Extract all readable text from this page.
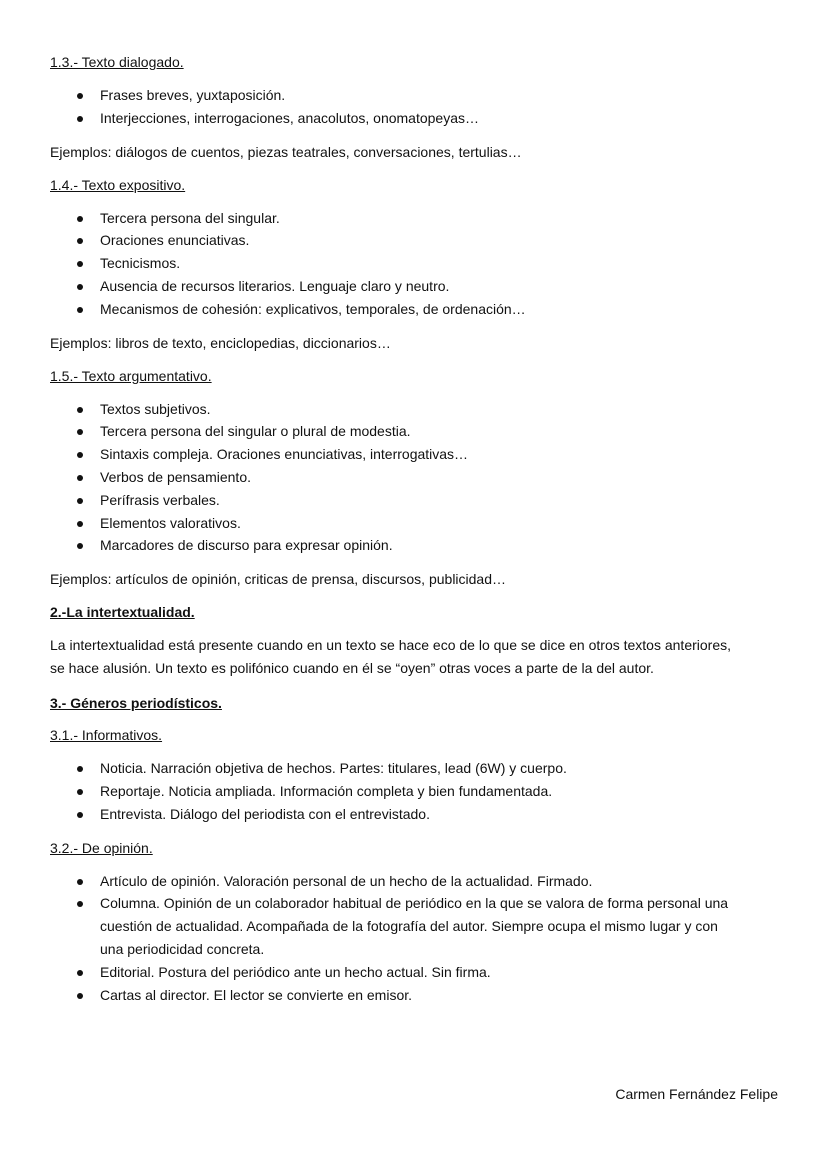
1.3.- Texto dialogado.
Frases breves, yuxtaposición.
Interjecciones, interrogaciones, anacolutos, onomatopeyas…
Ejemplos: diálogos de cuentos, piezas teatrales, conversaciones, tertulias…
1.4.- Texto expositivo.
Tercera persona del singular.
Oraciones enunciativas.
Tecnicismos.
Ausencia de recursos literarios. Lenguaje claro y neutro.
Mecanismos de cohesión: explicativos, temporales, de ordenación…
Ejemplos: libros de texto, enciclopedias, diccionarios…
1.5.- Texto argumentativo.
Textos subjetivos.
Tercera persona del singular o plural de modestia.
Sintaxis compleja. Oraciones enunciativas, interrogativas…
Verbos de pensamiento.
Perífrasis verbales.
Elementos valorativos.
Marcadores de discurso para expresar opinión.
Ejemplos: artículos de opinión, criticas de prensa, discursos, publicidad…
2.-La intertextualidad.
La intertextualidad está presente cuando en un texto se hace eco de lo que se dice en otros textos anteriores,
se hace alusión. Un texto es polifónico cuando en él se “oyen” otras voces a parte de la del autor.
3.- Géneros periodísticos.
3.1.- Informativos.
Noticia. Narración objetiva de hechos. Partes: titulares, lead (6W) y cuerpo.
Reportaje. Noticia ampliada. Información completa y bien fundamentada.
Entrevista. Diálogo del periodista con el entrevistado.
3.2.- De opinión.
Artículo de opinión. Valoración personal de un hecho de la actualidad. Firmado.
Columna. Opinión de un colaborador habitual de periódico en la que se valora de forma personal una
cuestión de actualidad. Acompañada de la fotografía del autor. Siempre ocupa el mismo lugar y con
una periodicidad concreta.
Editorial. Postura del periódico ante un hecho actual. Sin firma.
Cartas al director. El lector se convierte en emisor.
Carmen Fernández Felipe
